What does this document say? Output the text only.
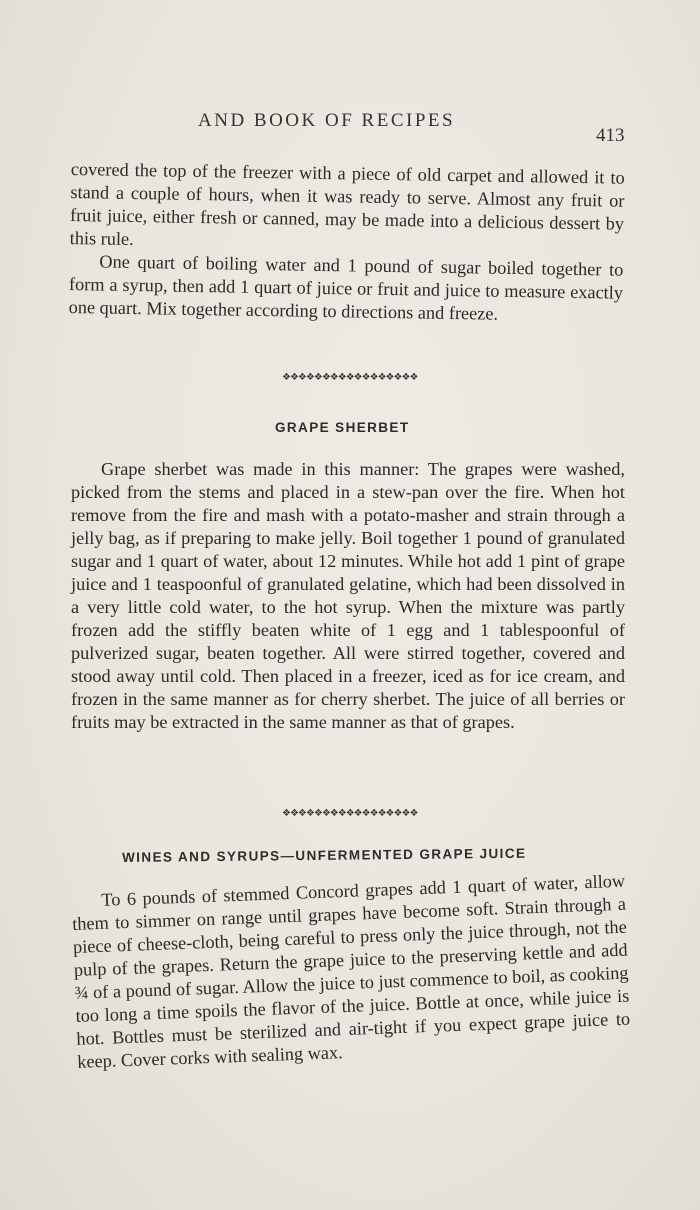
AND BOOK OF RECIPES
413

covered the top of the freezer with a piece of old carpet and allowed it to stand a couple of hours, when it was ready to serve. Almost any fruit or fruit juice, either fresh or canned, may be made into a delicious dessert by this rule.

One quart of boiling water and 1 pound of sugar boiled together to form a syrup, then add 1 quart of juice or fruit and juice to measure exactly one quart. Mix together according to directions and freeze.

❖❖❖❖❖❖❖❖❖❖❖❖❖❖❖❖❖
GRAPE SHERBET

Grape sherbet was made in this manner: The grapes were washed, picked from the stems and placed in a stew-pan over the fire. When hot remove from the fire and mash with a potato-masher and strain through a jelly bag, as if preparing to make jelly. Boil together 1 pound of granulated sugar and 1 quart of water, about 12 minutes. While hot add 1 pint of grape juice and 1 teaspoonful of granulated gelatine, which had been dissolved in a very little cold water, to the hot syrup. When the mixture was partly frozen add the stiffly beaten white of 1 egg and 1 tablespoonful of pulverized sugar, beaten together. All were stirred together, covered and stood away until cold. Then placed in a freezer, iced as for ice cream, and frozen in the same manner as for cherry sherbet. The juice of all berries or fruits may be extracted in the same manner as that of grapes.

❖❖❖❖❖❖❖❖❖❖❖❖❖❖❖❖❖
WINES AND SYRUPS—UNFERMENTED GRAPE JUICE

To 6 pounds of stemmed Concord grapes add 1 quart of water, allow them to simmer on range until grapes have become soft. Strain through a piece of cheese-cloth, being careful to press only the juice through, not the pulp of the grapes. Return the grape juice to the preserving kettle and add ¾ of a pound of sugar. Allow the juice to just commence to boil, as cooking too long a time spoils the flavor of the juice. Bottle at once, while juice is hot. Bottles must be sterilized and air-tight if you expect grape juice to keep. Cover corks with sealing wax.
